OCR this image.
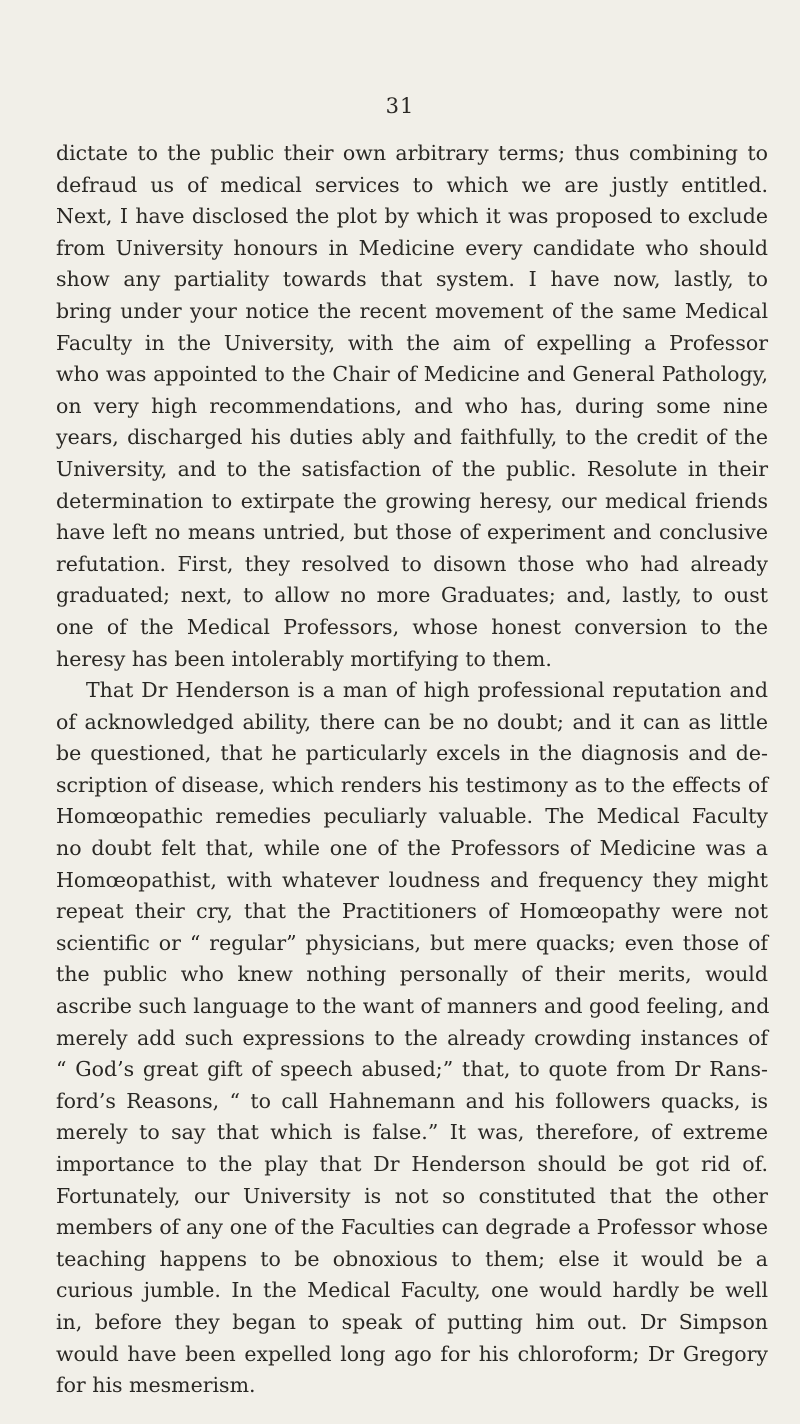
31
dictate to the public their own arbitrary terms; thus combining to
defraud us of medical services to which we are justly entitled.
Next, I have disclosed the plot by which it was proposed to exclude
from University honours in Medicine every candidate who should
show any partiality towards that system. I have now, lastly, to
bring under your notice the recent movement of the same Medical
Faculty in the University, with the aim of expelling a Professor
who was appointed to the Chair of Medicine and General Pathology,
on very high recommendations, and who has, during some nine
years, discharged his duties ably and faithfully, to the credit of the
University, and to the satisfaction of the public. Resolute in their
determination to extirpate the growing heresy, our medical friends
have left no means untried, but those of experiment and conclusive
refutation. First, they resolved to disown those who had already
graduated; next, to allow no more Graduates; and, lastly, to oust
one of the Medical Professors, whose honest conversion to the
heresy has been intolerably mortifying to them.
That Dr Henderson is a man of high professional reputation and
of acknowledged ability, there can be no doubt; and it can as little
be questioned, that he particularly excels in the diagnosis and de-
scription of disease, which renders his testimony as to the effects of
Homœopathic remedies peculiarly valuable. The Medical Faculty
no doubt felt that, while one of the Professors of Medicine was a
Homœopathist, with whatever loudness and frequency they might
repeat their cry, that the Practitioners of Homœopathy were not
scientific or “ regular” physicians, but mere quacks; even those of
the public who knew nothing personally of their merits, would
ascribe such language to the want of manners and good feeling, and
merely add such expressions to the already crowding instances of
“ God’s great gift of speech abused;” that, to quote from Dr Rans-
ford’s Reasons, “ to call Hahnemann and his followers quacks, is
merely to say that which is false.” It was, therefore, of extreme
importance to the play that Dr Henderson should be got rid of.
Fortunately, our University is not so constituted that the other
members of any one of the Faculties can degrade a Professor whose
teaching happens to be obnoxious to them; else it would be a
curious jumble. In the Medical Faculty, one would hardly be well
in, before they began to speak of putting him out. Dr Simpson
would have been expelled long ago for his chloroform; Dr Gregory
for his mesmerism.
